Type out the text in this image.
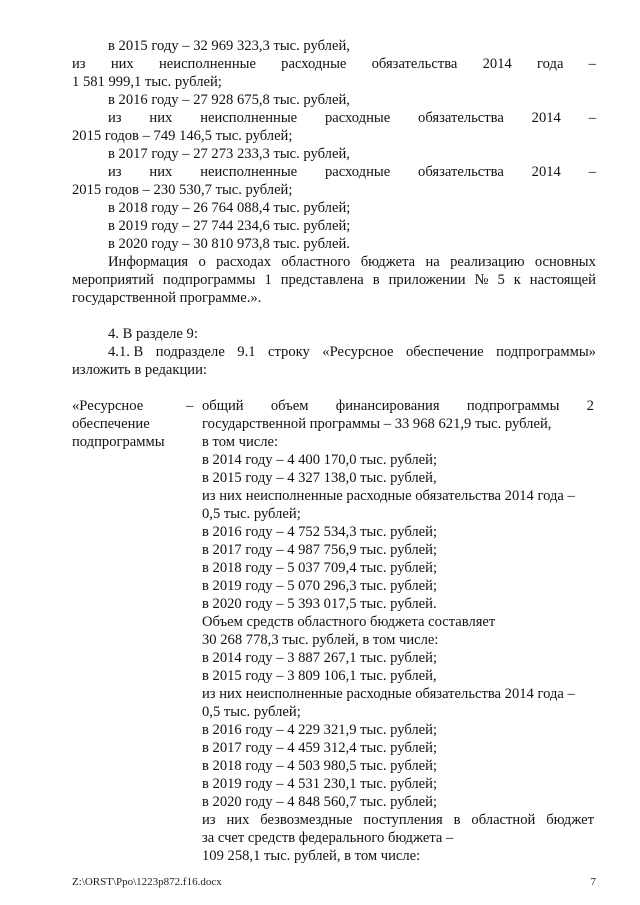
в 2015 году – 32 969 323,3 тыс. рублей,
из них неисполненные расходные обязательства 2014 года –
1 581 999,1 тыс. рублей;
в 2016 году – 27 928 675,8 тыс. рублей,
из них неисполненные расходные обязательства 2014 –
2015 годов – 749 146,5 тыс. рублей;
в 2017 году – 27 273 233,3 тыс. рублей,
из них неисполненные расходные обязательства 2014 –
2015 годов – 230 530,7 тыс. рублей;
в 2018 году – 26 764 088,4 тыс. рублей;
в 2019 году – 27 744 234,6 тыс. рублей;
в 2020 году – 30 810 973,8 тыс. рублей.
Информация о расходах областного бюджета на реализацию основных
мероприятий подпрограммы 1 представлена в приложении № 5 к настоящей
государственной программе.».
4. В разделе 9:
4.1. В подразделе 9.1 строку «Ресурсное обеспечение подпрограммы»
изложить в редакции:
«Ресурсное
обеспечение
подпрограммы
– общий объем финансирования подпрограммы 2
государственной программы – 33 968 621,9 тыс. рублей,
в том числе:
в 2014 году – 4 400 170,0 тыс. рублей;
в 2015 году – 4 327 138,0 тыс. рублей,
из них неисполненные расходные обязательства 2014 года –
0,5 тыс. рублей;
в 2016 году – 4 752 534,3 тыс. рублей;
в 2017 году – 4 987 756,9 тыс. рублей;
в 2018 году – 5 037 709,4 тыс. рублей;
в 2019 году – 5 070 296,3 тыс. рублей;
в 2020 году – 5 393 017,5 тыс. рублей.
Объем средств областного бюджета составляет
30 268 778,3 тыс. рублей, в том числе:
в 2014 году – 3 887 267,1 тыс. рублей;
в 2015 году – 3 809 106,1 тыс. рублей,
из них неисполненные расходные обязательства 2014 года –
0,5 тыс. рублей;
в 2016 году – 4 229 321,9 тыс. рублей;
в 2017 году – 4 459 312,4 тыс. рублей;
в 2018 году – 4 503 980,5 тыс. рублей;
в 2019 году – 4 531 230,1 тыс. рублей;
в 2020 году – 4 848 560,7 тыс. рублей;
из них безвозмездные поступления в областной бюджет
за счет средств федерального бюджета –
109 258,1 тыс. рублей, в том числе:
Z:\ORST\Ppo\1223p872.f16.docx	7
